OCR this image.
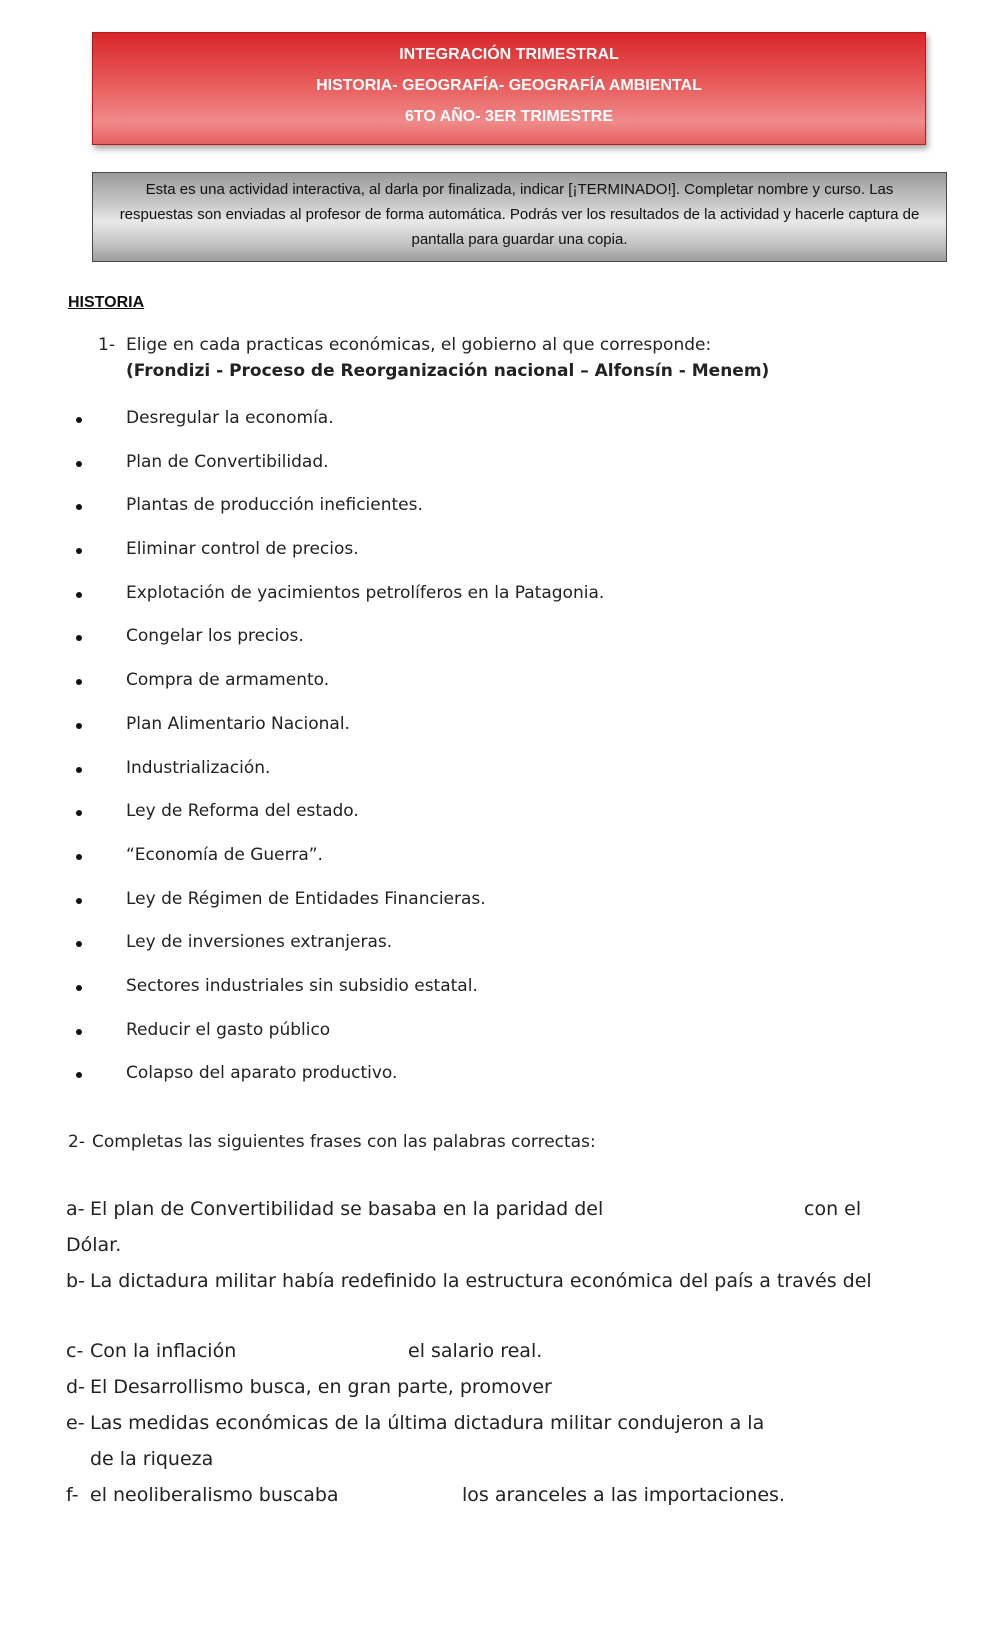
INTEGRACIÓN TRIMESTRAL
HISTORIA- GEOGRAFÍA- GEOGRAFÍA AMBIENTAL
6TO AÑO- 3ER TRIMESTRE
Esta es una actividad interactiva, al darla por finalizada, indicar [¡TERMINADO!]. Completar nombre y curso. Las respuestas son enviadas al profesor de forma automática. Podrás ver los resultados de la actividad y hacerle captura de pantalla para guardar una copia.
HISTORIA
1- Elige en cada practicas económicas, el gobierno al que corresponde:
(Frondizi - Proceso de Reorganización nacional – Alfonsín - Menem)
Desregular la economía.
Plan de Convertibilidad.
Plantas de producción ineficientes.
Eliminar control de precios.
Explotación de yacimientos petrolíferos en la Patagonia.
Congelar los precios.
Compra de armamento.
Plan Alimentario Nacional.
Industrialización.
Ley de Reforma del estado.
“Economía de Guerra”.
Ley de Régimen de Entidades Financieras.
Ley de inversiones extranjeras.
Sectores industriales sin subsidio estatal.
Reducir el gasto público
Colapso del aparato productivo.
2- Completas las siguientes frases con las palabras correctas:
a- El plan de Convertibilidad se basaba en la paridad del	con el
Dólar.
b- La dictadura militar había redefinido la estructura económica del país a través del
c- Con la inflación	el salario real.
d- El Desarrollismo busca, en gran parte, promover
e- Las medidas económicas de la última dictadura militar condujeron a la
de la riqueza
f- el neoliberalismo buscaba	los aranceles a las importaciones.
